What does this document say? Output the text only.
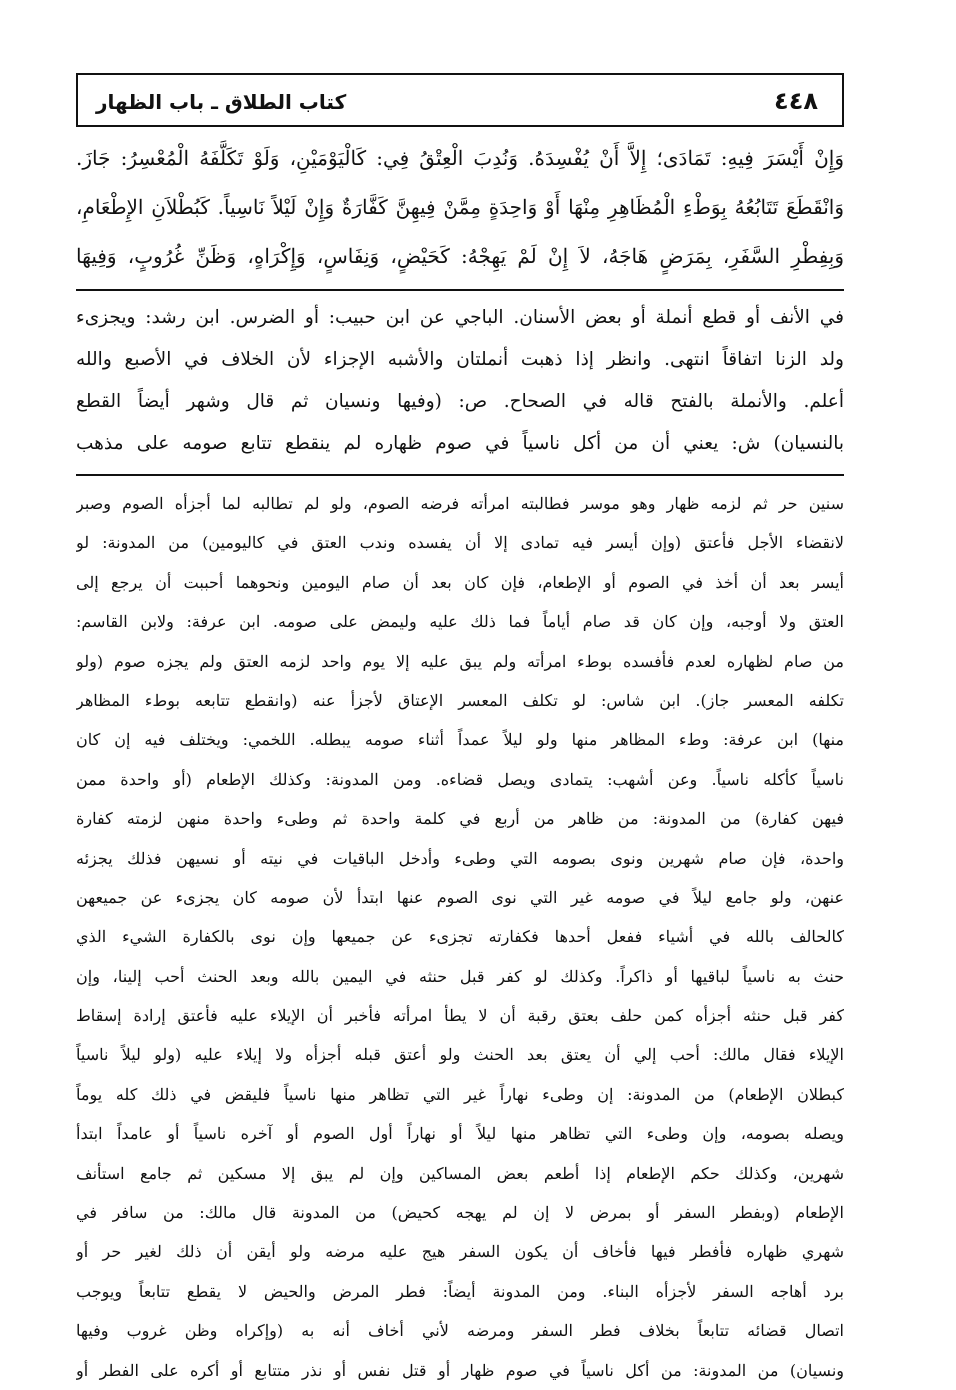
٤٤٨
كتاب الطلاق ـ باب الظهار
وَإِنْ أَيْسَرَ فِيهِ: تَمَادَى؛ إِلاَّ أَنْ يُفْسِدَهُ. وَنُدِبَ الْعِتْقُ فِي: كَالْيَوْمَيْنِ، وَلَوْ تَكَلَّفَهُ الْمُعْسِرُ: جَازَ.
وَانْقَطَعَ تَتَابُعُهُ بِوَطْءِ الْمُظَاهِرِ مِنْهَا أَوْ وَاحِدَةٍ مِمَّنْ فِيهِنَّ كَفَّارَةٌ وَإِنْ لَيْلاً نَاسِياً. كَبُطْلاَنِ الإِطْعَامِ،
وَبِفِطْرِ السَّفَرِ، بِمَرَضٍ هَاجَهُ، لاَ إِنْ لَمْ يَهِجْهُ: كَحَيْضٍ، وَنِفَاسٍ، وَإِكْرَاهٍ، وَظَنِّ غُرُوبٍ، وَفِيهَا
في الأنف أو قطع أنملة أو بعض الأسنان. الباجي عن ابن حبيب: أو الضرس. ابن رشد: ويجزىء
ولد الزنا اتفاقاً انتهى. وانظر إذا ذهبت أنملتان والأشبه الإجزاء لأن الخلاف في الأصبع والله
أعلم. والأنملة بالفتح قاله في الصحاح. ص: (وفيها ونسيان ثم قال وشهر أيضاً القطع
بالنسيان) ش: يعني أن من أكل ناسياً في صوم ظهاره لم ينقطع تتابع صومه على مذهب
سنين حر ثم لزمه ظهار وهو موسر فطالبته امرأته فرضه الصوم، ولو لم تطالبه لما أجزأه الصوم وصبر
لانقضاء الأجل فأعتق (وإن أيسر فيه تمادى إلا أن يفسده وندب العتق في كاليومين) من المدونة: لو
أيسر بعد أن أخذ في الصوم أو الإطعام، فإن كان بعد أن صام اليومين ونحوهما أحببت أن يرجع إلى
العتق ولا أوجبه، وإن كان قد صام أياماً فما ذلك عليه وليمض على صومه. ابن عرفة: ولابن القاسم:
من صام لظهاره لعدم فأفسده بوطء امرأته ولم يبق عليه إلا يوم واحد لزمه العتق ولم يجزه صوم (ولو
تكلفه المعسر جاز). ابن شاس: لو تكلف المعسر الإعتاق لأجزأ عنه (وانقطع تتابعه بوطء المظاهر
منها) ابن عرفة: وطء المظاهر منها ولو ليلاً عمداً أثناء صومه يبطله. اللخمي: ويختلف فيه إن كان
ناسياً كأكله ناسياً. وعن أشهب: يتمادى ويصل قضاءه. ومن المدونة: وكذلك الإطعام (أو واحدة ممن
فيهن كفارة) من المدونة: من ظاهر من أربع في كلمة واحدة ثم وطىء واحدة منهن لزمته كفارة
واحدة، فإن صام شهرين ونوى بصومه التي وطىء وأدخل الباقيات في نيته أو نسيهن فذلك يجزئه
عنهن، ولو جامع ليلاً في صومه غير التي نوى الصوم عنها ابتدأ لأن صومه كان يجزىء عن جميعهن
كالحالف بالله في أشياء ففعل أحدها فكفارته تجزىء عن جميعها وإن نوى بالكفارة الشيء الذي
حنث به ناسياً لباقيها أو ذاكراً. وكذلك لو كفر قبل حنثه في اليمين بالله وبعد الحنث أحب إلينا، وإن
كفر قبل حنثه أجزأه كمن حلف بعتق رقبة أن لا يطأ امرأته فأخبر أن الإيلاء عليه فأعتق إرادة إسقاط
الإيلاء فقال مالك: أحب إلي أن يعتق بعد الحنث ولو أعتق قبله أجزأه ولا إيلاء عليه (ولو ليلاً ناسياً
كبطلان الإطعام) من المدونة: إن وطىء نهاراً غير التي تظاهر منها ناسياً فليقض في ذلك كله يوماً
ويصله بصومه، وإن وطىء التي تظاهر منها ليلاً أو نهاراً أول الصوم أو آخره ناسياً أو عامداً ابتدأ
شهرين، وكذلك حكم الإطعام إذا أطعم بعض المساكين وإن لم يبق إلا مسكين ثم جامع استأنف
الإطعام (وبفطر السفر أو بمرض لا إن لم يهجه كحيض) من المدونة قال مالك: من سافر في
شهري ظهاره فأفطر فيها فأخاف أن يكون السفر هيج عليه مرضه ولو أيقن أن ذلك لغير حر أو
برد أهاجه السفر لأجزأه البناء. ومن المدونة أيضاً: فطر المرض والحيض لا يقطع تتابعاً ويوجب
اتصال قضائه تتابعاً بخلاف فطر السفر ومرضه لأني أخاف أنه به (وإكراه وظن غروب وفيها
ونسيان) من المدونة: من أكل ناسياً في صوم ظهار أو قتل نفس أو نذر متتابع أو أكره على الفطر أو
